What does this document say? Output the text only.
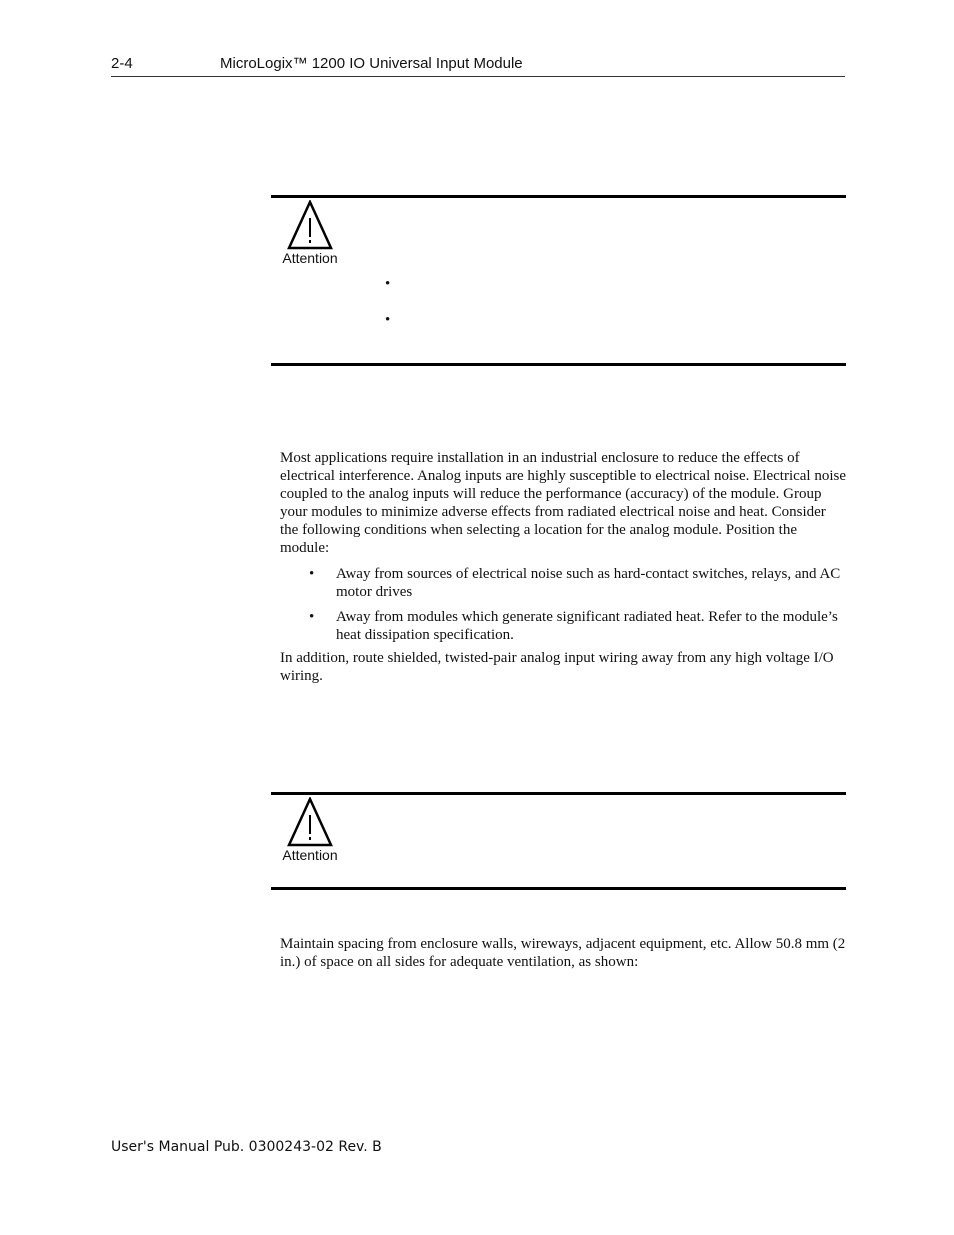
2-4	MicroLogix™ 1200 IO Universal Input Module
Attention
•
•

Most applications require installation in an industrial enclosure to reduce the effects of electrical interference. Analog inputs are highly susceptible to electrical noise. Electrical noise coupled to the analog inputs will reduce the performance (accuracy) of the module. Group your modules to minimize adverse effects from radiated electrical noise and heat. Consider the following conditions when selecting a location for the analog module. Position the module:

• Away from sources of electrical noise such as hard-contact switches, relays, and AC motor drives
• Away from modules which generate significant radiated heat. Refer to the module’s heat dissipation specification.

In addition, route shielded, twisted-pair analog input wiring away from any high voltage I/O wiring.

Attention

Maintain spacing from enclosure walls, wireways, adjacent equipment, etc. Allow 50.8 mm (2 in.) of space on all sides for adequate ventilation, as shown:

User's Manual Pub. 0300243-02 Rev. B
